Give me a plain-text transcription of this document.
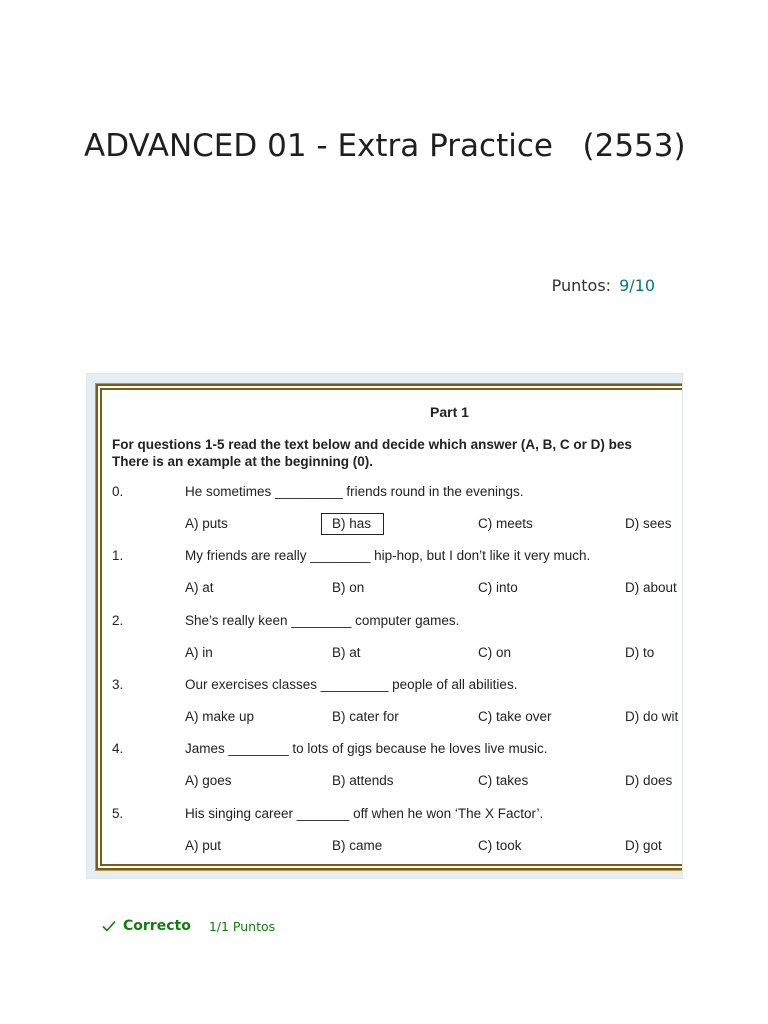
ADVANCED 01 - Extra Practice   (2553)
Puntos: 9/10

Part 1

For questions 1-5 read the text below and decide which answer (A, B, C or D) bes
There is an example at the beginning (0).

0.	He sometimes _________ friends round in the evenings.
A) puts	B) has	C) meets	D) sees
1.	My friends are really ________ hip-hop, but I don’t like it very much.
A) at	B) on	C) into	D) about
2.	She’s really keen ________ computer games.
A) in	B) at	C) on	D) to
3.	Our exercises classes _________ people of all abilities.
A) make up	B) cater for	C) take over	D) do wit
4.	James ________ to lots of gigs because he loves live music.
A) goes	B) attends	C) takes	D) does
5.	His singing career _______ off when he won ‘The X Factor’.
A) put	B) came	C) took	D) got
Correcto 1/1 Puntos
